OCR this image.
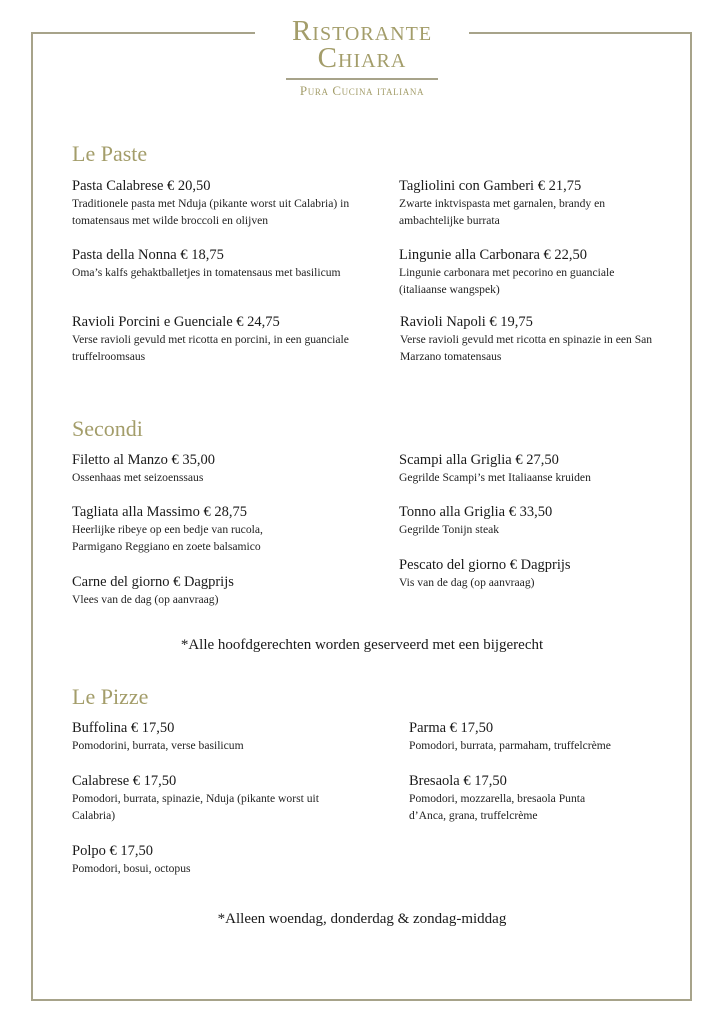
Ristorante
Chiara
Pura Cucina italiana
Le Paste
Pasta Calabrese € 20,50
Traditionele pasta met Nduja (pikante worst uit Calabria) in tomatensaus met wilde broccoli en olijven
Tagliolini con Gamberi € 21,75
Zwarte inktvispasta met garnalen, brandy en ambachtelijke burrata
Pasta della Nonna € 18,75
Oma’s kalfs gehaktballetjes in tomatensaus met basilicum
Lingunie alla Carbonara € 22,50
Lingunie carbonara met pecorino en guanciale (italiaanse wangspek)
Ravioli Porcini e Guenciale € 24,75
Verse ravioli gevuld met ricotta en porcini, in een guanciale truffelroomsaus
Ravioli Napoli € 19,75
Verse ravioli gevuld met ricotta en spinazie in een San Marzano tomatensaus
Secondi
Filetto al Manzo € 35,00
Ossenhaas met seizoenssaus
Scampi alla Griglia € 27,50
Gegrilde Scampi’s met Italiaanse kruiden
Tagliata alla Massimo € 28,75
Heerlijke ribeye op een bedje van rucola, Parmigano Reggiano en zoete balsamico
Tonno alla Griglia € 33,50
Gegrilde Tonijn steak
Pescato del giorno € Dagprijs
Vis van de dag (op aanvraag)
Carne del giorno € Dagprijs
Vlees van de dag (op aanvraag)
*Alle hoofdgerechten worden geserveerd met een bijgerecht
Le Pizze
Buffolina € 17,50
Pomodorini, burrata, verse basilicum
Parma € 17,50
Pomodori, burrata, parmaham, truffelcrème
Calabrese € 17,50
Pomodori, burrata, spinazie, Nduja (pikante worst uit Calabria)
Bresaola € 17,50
Pomodori, mozzarella, bresaola Punta d’Anca, grana, truffelcrème
Polpo € 17,50
Pomodori, bosui, octopus
*Alleen woendag, donderdag & zondag-middag
